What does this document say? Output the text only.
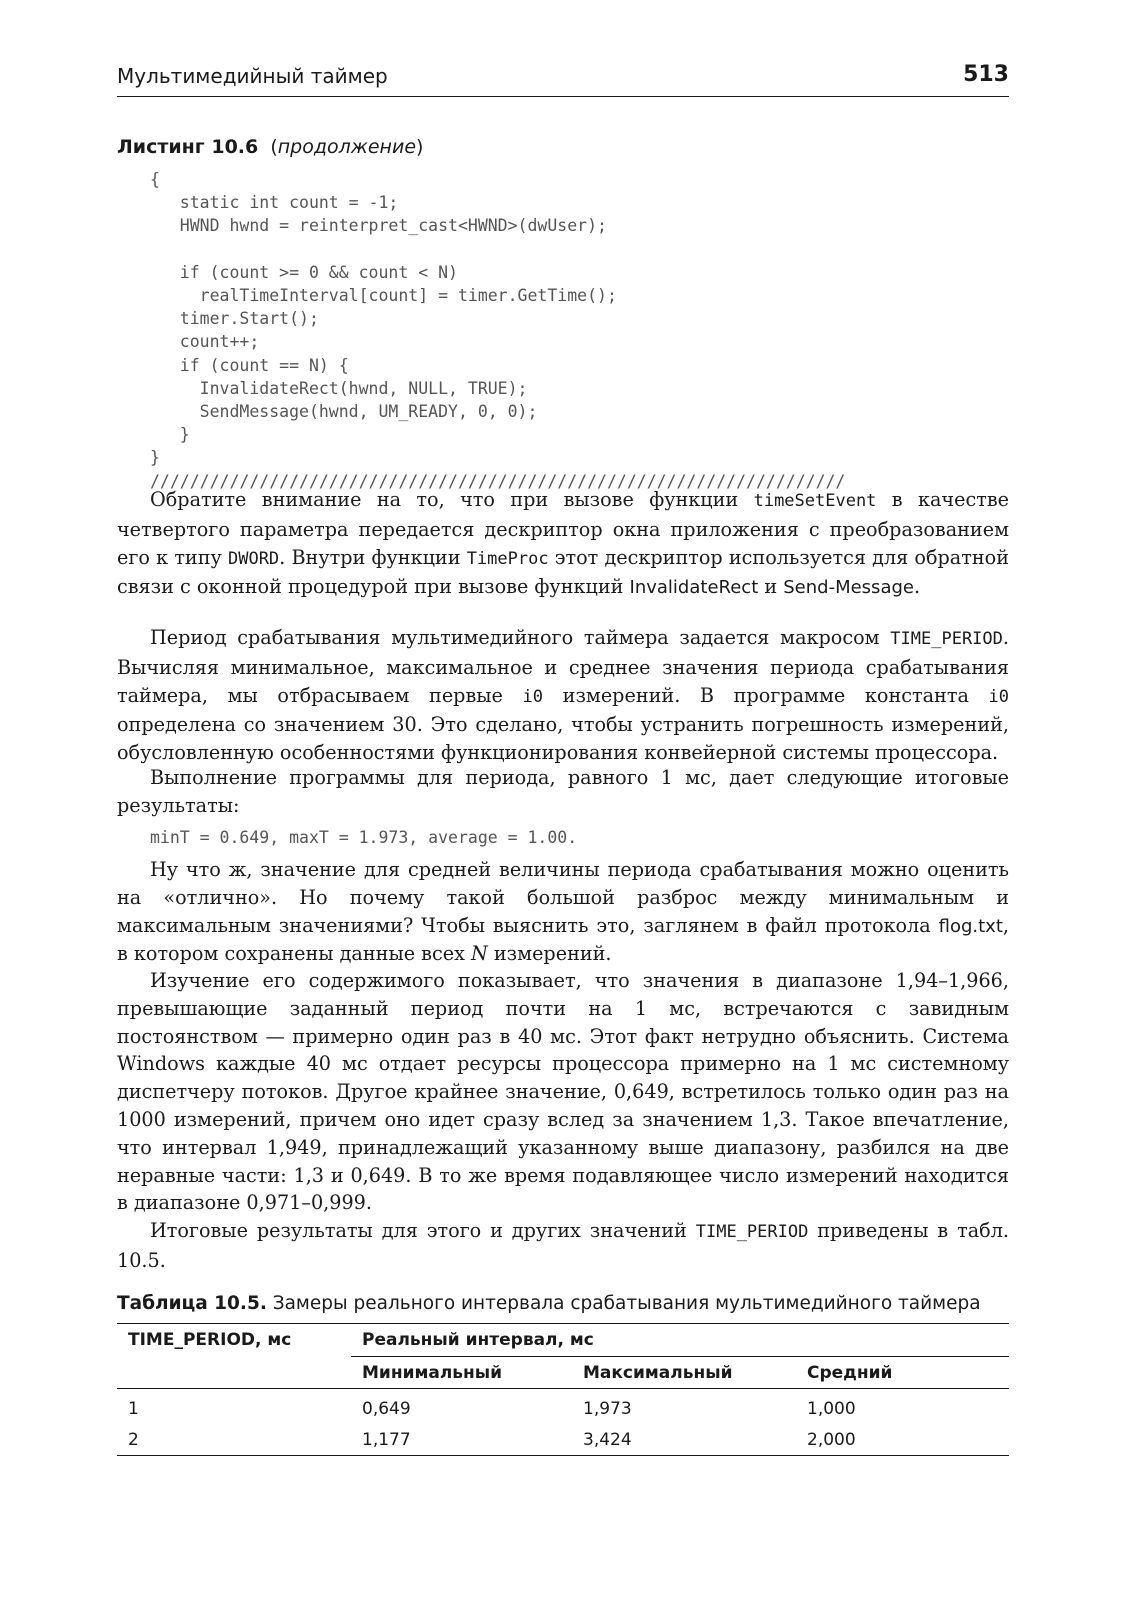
Мультимедийный таймер	513
Листинг 10.6  (продолжение)
{
static int count = -1;
HWND hwnd = reinterpret_cast<HWND>(dwUser);

if (count >= 0 && count < N)
realTimeInterval[count] = timer.GetTime();
timer.Start();
count++;
if (count == N) {
InvalidateRect(hwnd, NULL, TRUE);
SendMessage(hwnd, UM_READY, 0, 0);
}
}
//////////////////////////////////////////////////////////////////////

Обратите внимание на то, что при вызове функции timeSetEvent в качестве четвертого параметра передается дескриптор окна приложения с преобразованием его к типу DWORD. Внутри функции TimeProc этот дескриптор используется для обратной связи с оконной процедурой при вызове функций InvalidateRect и Send-Message.

Период срабатывания мультимедийного таймера задается макросом TIME_PERIOD. Вычисляя минимальное, максимальное и среднее значения периода срабатывания таймера, мы отбрасываем первые i0 измерений. В программе константа i0 определена со значением 30. Это сделано, чтобы устранить погрешность измерений, обусловленную особенностями функционирования конвейерной системы процессора.

Выполнение программы для периода, равного 1 мс, дает следующие итоговые результаты:

minT = 0.649, maxT = 1.973, average = 1.00.

Ну что ж, значение для средней величины периода срабатывания можно оценить на «отлично». Но почему такой большой разброс между минимальным и максимальным значениями? Чтобы выяснить это, заглянем в файл протокола flog.txt, в котором сохранены данные всех N измерений.

Изучение его содержимого показывает, что значения в диапазоне 1,94–1,966, превышающие заданный период почти на 1 мс, встречаются с завидным постоянством — примерно один раз в 40 мс. Этот факт нетрудно объяснить. Система Windows каждые 40 мс отдает ресурсы процессора примерно на 1 мс системному диспетчеру потоков. Другое крайнее значение, 0,649, встретилось только один раз на 1000 измерений, причем оно идет сразу вслед за значением 1,3. Такое впечатление, что интервал 1,949, принадлежащий указанному выше диапазону, разбился на две неравные части: 1,3 и 0,649. В то же время подавляющее число измерений находится в диапазоне 0,971–0,999.

Итоговые результаты для этого и других значений TIME_PERIOD приведены в табл. 10.5.

Таблица 10.5. Замеры реального интервала срабатывания мультимедийного таймера
TIME_PERIOD, мс	Реальный интервал, мс		
	Минимальный	Максимальный	Средний
1	0,649	1,973	1,000
2	1,177	3,424	2,000
